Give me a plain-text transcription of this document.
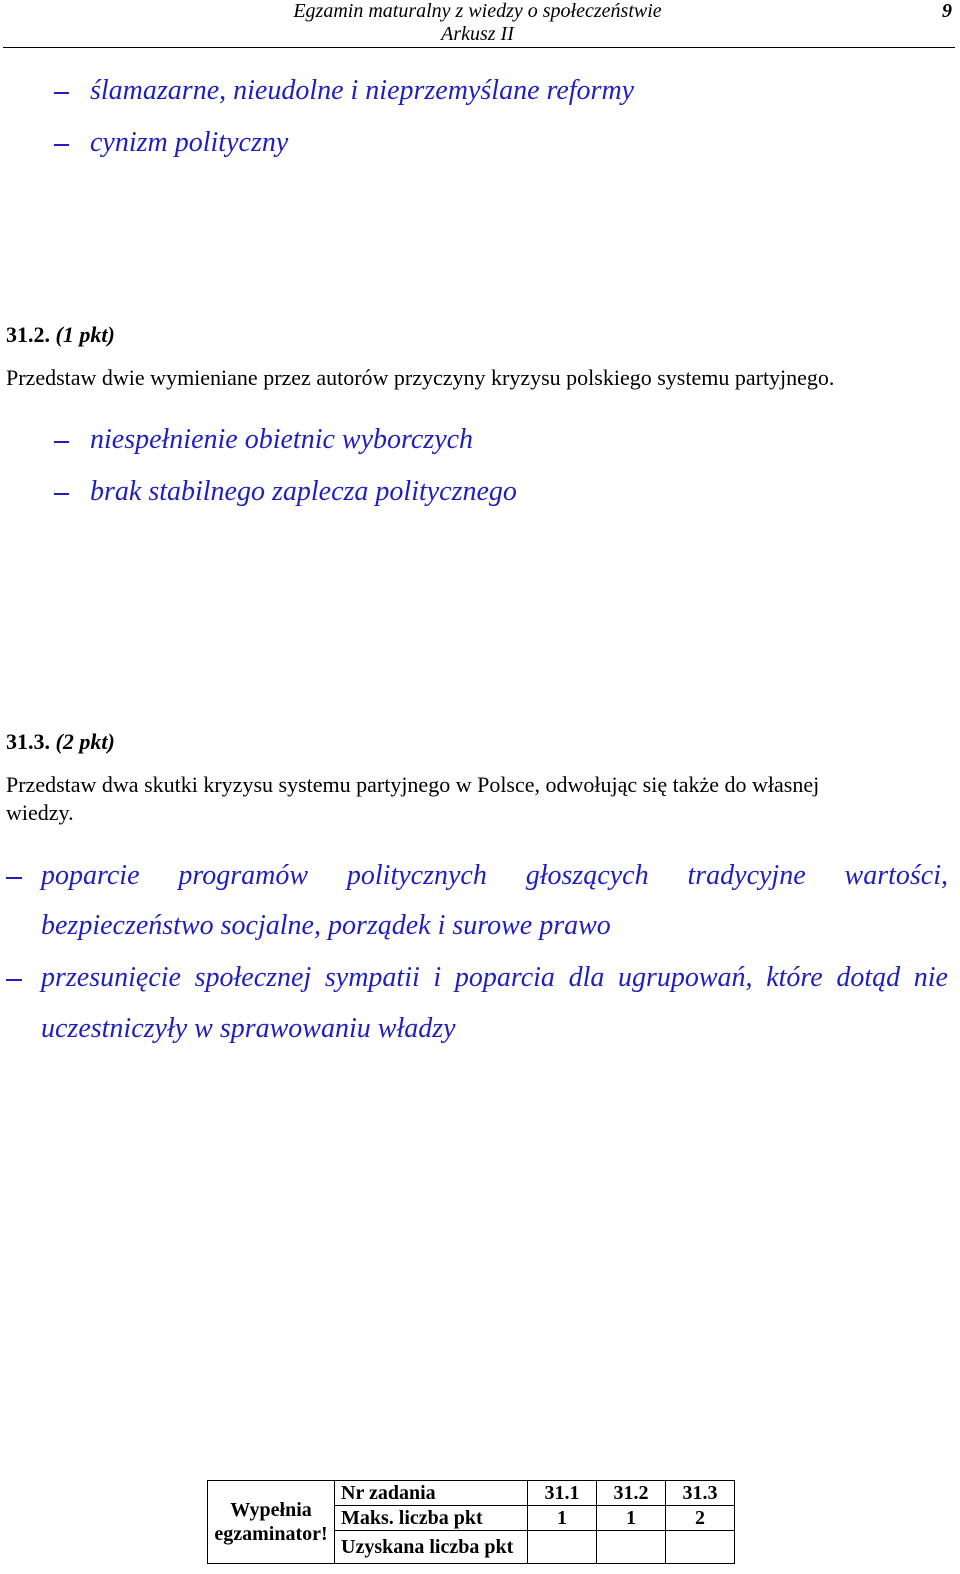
Egzamin maturalny z wiedzy o społeczeństwie
Arkusz II
9
ślamazarne, nieudolne i nieprzemyślane reformy
cynizm polityczny
31.2. (1 pkt)
Przedstaw dwie wymieniane przez autorów przyczyny kryzysu polskiego systemu partyjnego.
niespełnienie obietnic wyborczych
brak stabilnego zaplecza politycznego
31.3. (2 pkt)
Przedstaw dwa skutki kryzysu systemu partyjnego w Polsce, odwołując się także do własnej
wiedzy.
poparcie programów politycznych głoszących tradycyjne wartości,
bezpieczeństwo socjalne, porządek i surowe prawo
przesunięcie społecznej sympatii i poparcia dla ugrupowań, które dotąd nie
uczestniczyły w sprawowaniu władzy
Wypełnia
egzaminator!	Nr zadania	31.1	31.2	31.3
	Maks. liczba pkt	1	1	2
	Uzyskana liczba pkt			
